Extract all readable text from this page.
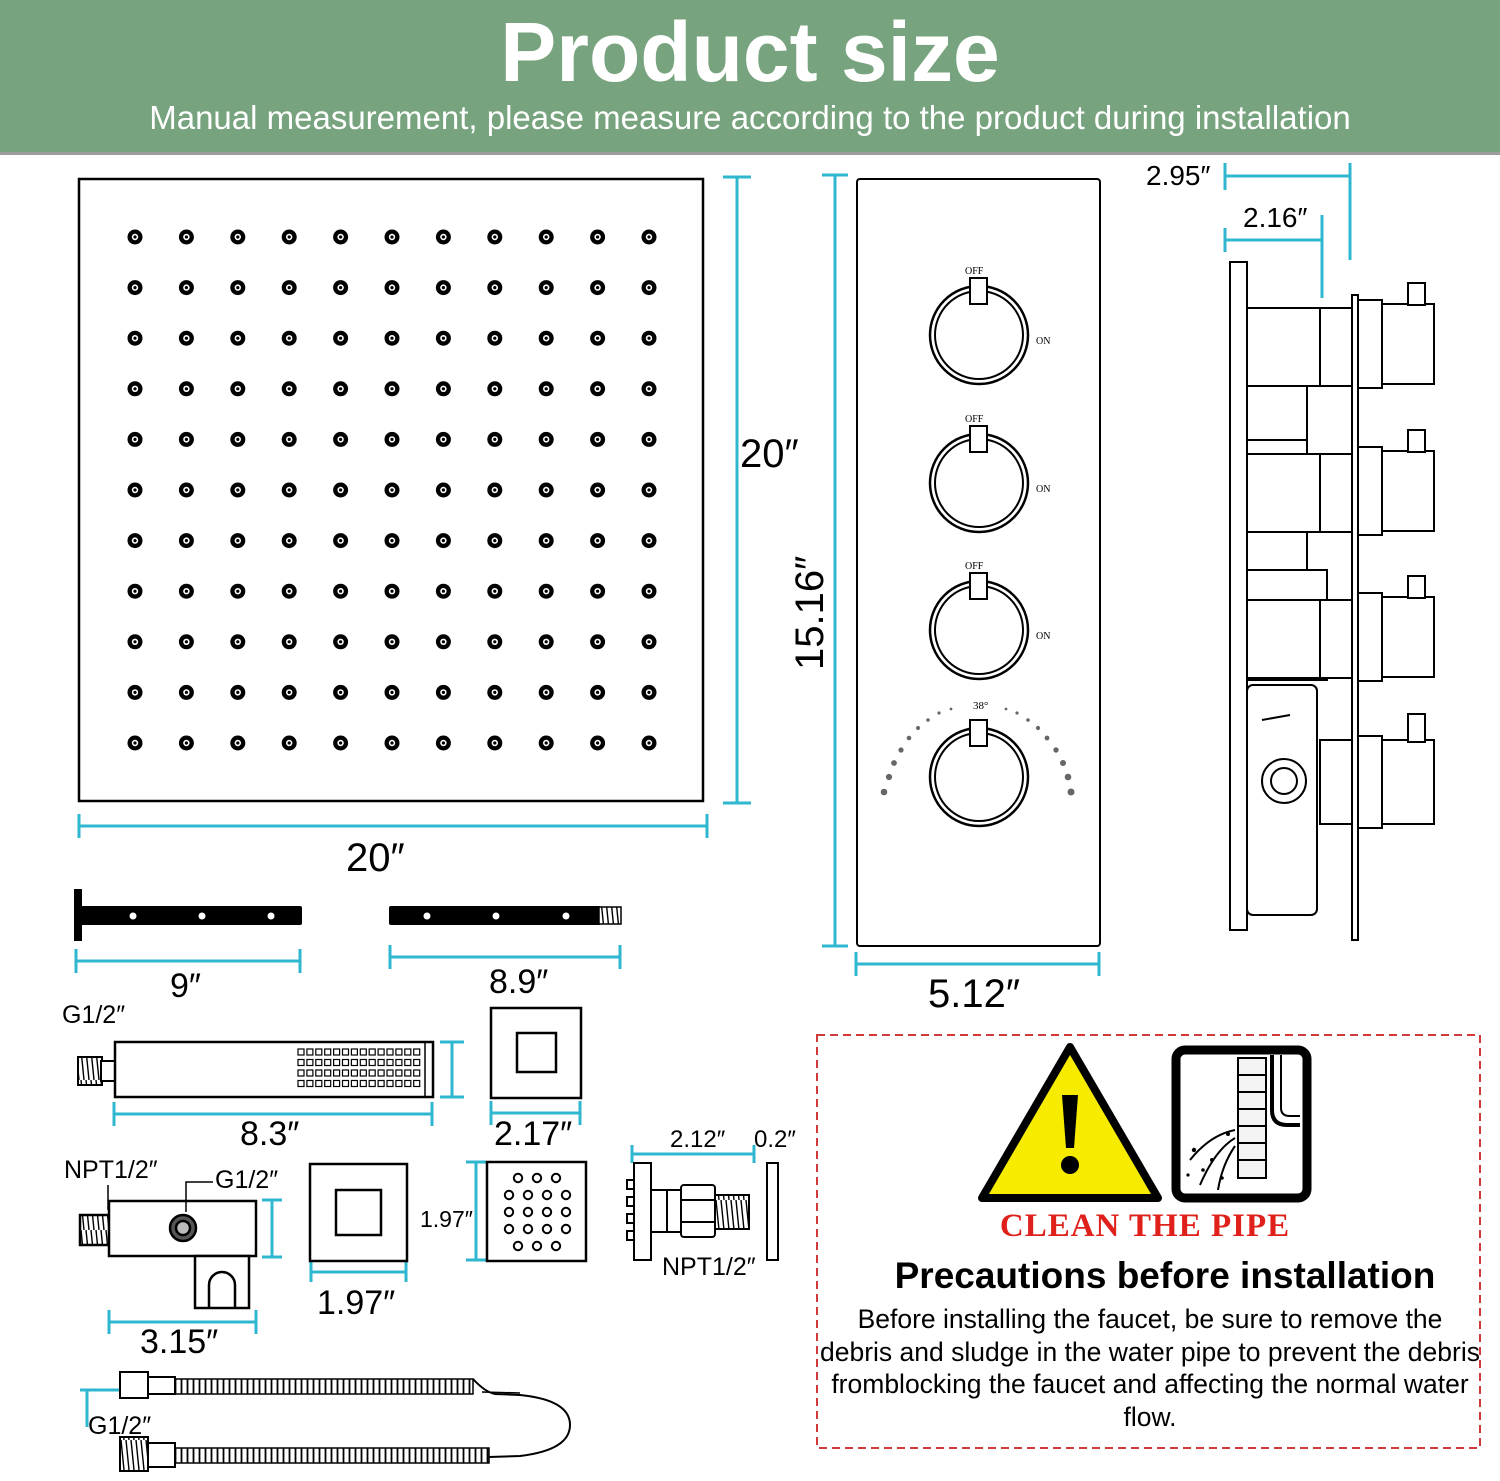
Product size
Manual measurement, please measure according to the product during installation
20″
20″
15.16″
5.12″
2.95″
2.16″
9″	8.9″
G1/2″
8.3″	2.17″
NPT1/2″ G1/2″
3.15″
1.97″
1.97″
2.12″ 0.2″
NPT1/2″
G1/2″
OFF
ON
OFF
ON
OFF
ON
38°
CLEAN THE PIPE
Precautions before installation
Before installing the faucet, be sure to remove the debris and sludge in the water pipe to prevent the debris fromblocking the faucet and affecting the normal water flow.
